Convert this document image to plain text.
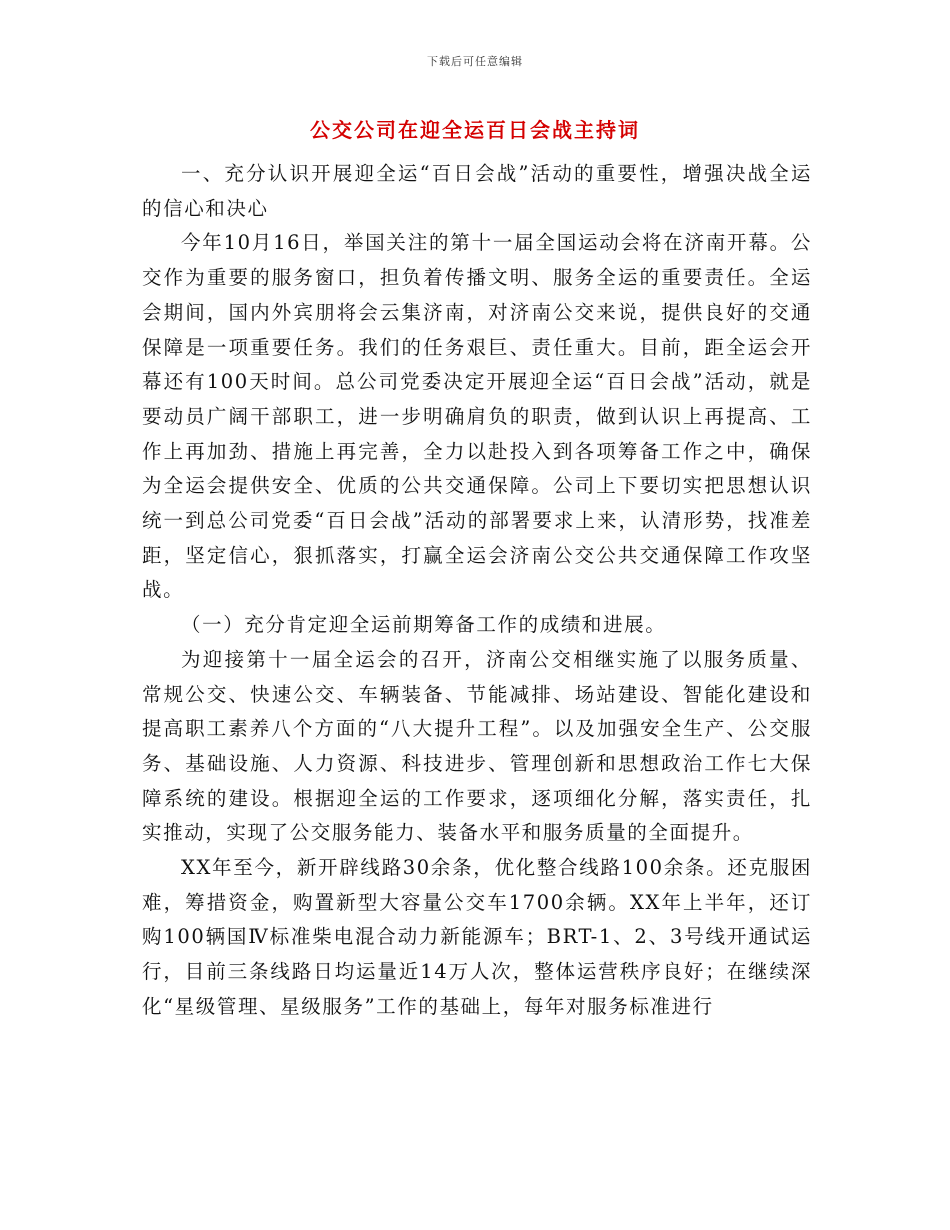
下载后可任意编辑
公交公司在迎全运百日会战主持词

一、充分认识开展迎全运“百日会战”活动的重要性，增强决战全运的信心和决心

今年10月16日，举国关注的第十一届全国运动会将在济南开幕。公交作为重要的服务窗口，担负着传播文明、服务全运的重要责任。全运会期间，国内外宾朋将会云集济南，对济南公交来说，提供良好的交通保障是一项重要任务。我们的任务艰巨、责任重大。目前，距全运会开幕还有100天时间。总公司党委决定开展迎全运“百日会战”活动，就是要动员广阔干部职工，进一步明确肩负的职责，做到认识上再提高、工作上再加劲、措施上再完善，全力以赴投入到各项筹备工作之中，确保为全运会提供安全、优质的公共交通保障。公司上下要切实把思想认识统一到总公司党委“百日会战”活动的部署要求上来，认清形势，找准差距，坚定信心，狠抓落实，打赢全运会济南公交公共交通保障工作攻坚战。

（一）充分肯定迎全运前期筹备工作的成绩和进展。

为迎接第十一届全运会的召开，济南公交相继实施了以服务质量、常规公交、快速公交、车辆装备、节能减排、场站建设、智能化建设和提高职工素养八个方面的“八大提升工程”。以及加强安全生产、公交服务、基础设施、人力资源、科技进步、管理创新和思想政治工作七大保障系统的建设。根据迎全运的工作要求，逐项细化分解，落实责任，扎实推动，实现了公交服务能力、装备水平和服务质量的全面提升。

XX年至今，新开辟线路30余条，优化整合线路100余条。还克服困难，筹措资金，购置新型大容量公交车1700余辆。XX年上半年，还订购100辆国Ⅳ标准柴电混合动力新能源车；BRT-1、2、3号线开通试运行，目前三条线路日均运量近14万人次，整体运营秩序良好；在继续深化“星级管理、星级服务”工作的基础上，每年对服务标准进行
